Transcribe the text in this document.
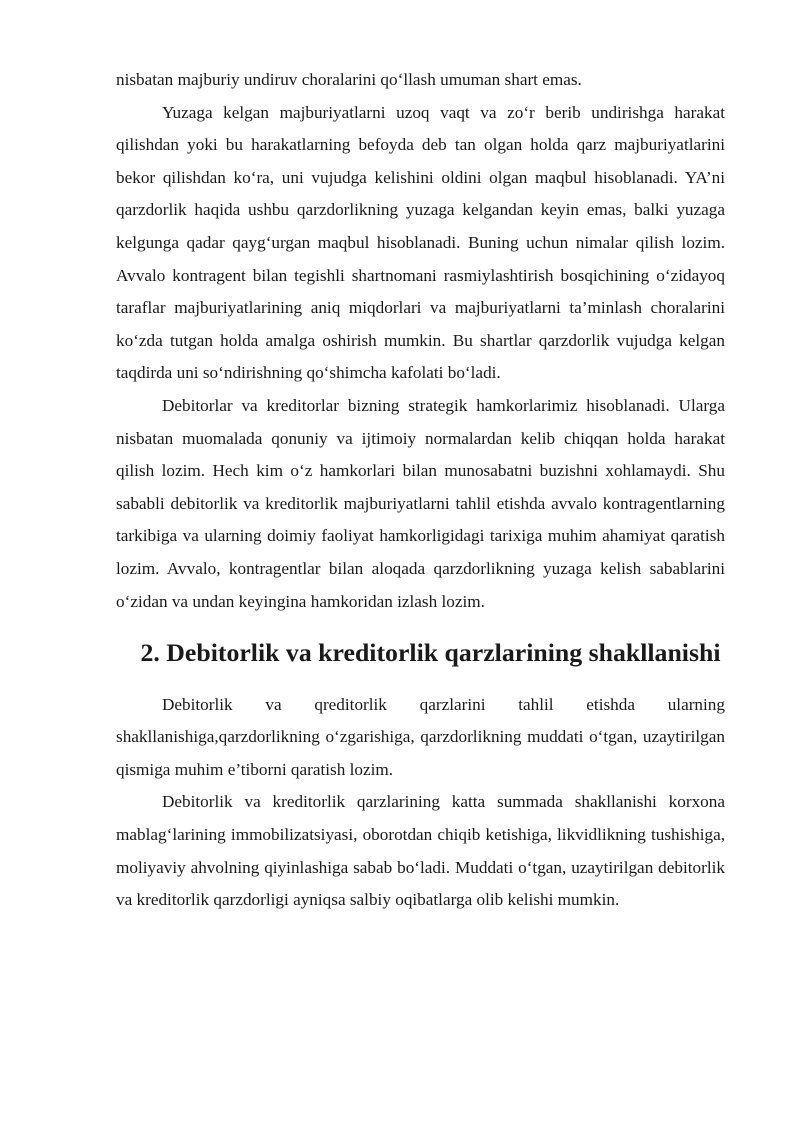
nisbatan majburiy undiruv choralarini qo‘llash umuman shart emas.

Yuzaga kelgan majburiyatlarni uzoq vaqt va zo‘r berib undirishga harakat qilishdan yoki bu harakatlarning befoyda deb tan olgan holda qarz majburiyatlarini bekor qilishdan ko‘ra, uni vujudga kelishini oldini olgan maqbul hisoblanadi. YA’ni qarzdorlik haqida ushbu qarzdorlikning yuzaga kelgandan keyin emas, balki yuzaga kelgunga qadar qayg‘urgan maqbul hisoblanadi. Buning uchun nimalar qilish lozim. Avvalo kontragent bilan tegishli shartnomani rasmiylashtirish bosqichining o‘zidayoq taraflar majburiyatlarining aniq miqdorlari va majburiyatlarni ta’minlash choralarini ko‘zda tutgan holda amalga oshirish mumkin. Bu shartlar qarzdorlik vujudga kelgan taqdirda uni so‘ndirishning qo‘shimcha kafolati bo‘ladi.

Debitorlar va kreditorlar bizning strategik hamkorlarimiz hisoblanadi. Ularga nisbatan muomalada qonuniy va ijtimoiy normalardan kelib chiqqan holda harakat qilish lozim. Hech kim o‘z hamkorlari bilan munosabatni buzishni xohlamaydi. Shu sababli debitorlik va kreditorlik majburiyatlarni tahlil etishda avvalo kontragentlarning tarkibiga va ularning doimiy faoliyat hamkorligidagi tarixiga muhim ahamiyat qaratish lozim. Avvalo, kontragentlar bilan aloqada qarzdorlikning yuzaga kelish sabablarini o‘zidan va undan keyingina hamkoridan izlash lozim.

2. Debitorlik va kreditorlik qarzlarining shakllanishi

Debitorlik va qreditorlik qarzlarini tahlil etishda ularning shakllanishiga,qarzdorlikning o‘zgarishiga, qarzdorlikning muddati o‘tgan, uzaytirilgan qismiga muhim e’tiborni qaratish lozim.

Debitorlik va kreditorlik qarzlarining katta summada shakllanishi korxona mablag‘larining immobilizatsiyasi, oborotdan chiqib ketishiga, likvidlikning tushishiga, moliyaviy ahvolning qiyinlashiga sabab bo‘ladi. Muddati o‘tgan, uzaytirilgan debitorlik va kreditorlik qarzdorligi ayniqsa salbiy oqibatlarga olib kelishi mumkin.
